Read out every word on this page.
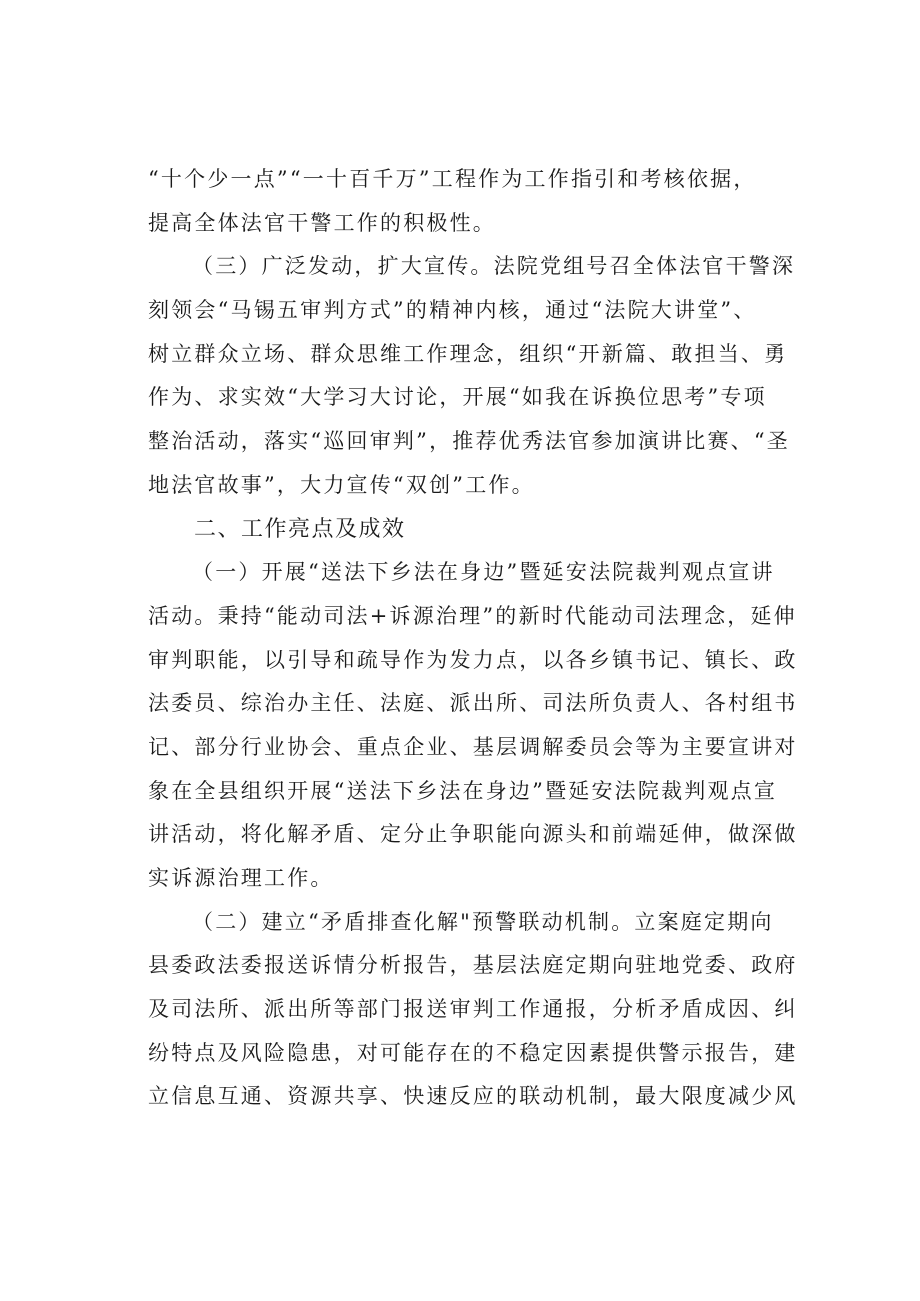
“十个少一点”“一十百千万”工程作为工作指引和考核依据，
提高全体法官干警工作的积极性。
（三）广泛发动，扩大宣传。法院党组号召全体法官干警深
刻领会“马锡五审判方式”的精神内核，通过“法院大讲堂”、
树立群众立场、群众思维工作理念，组织“开新篇、敢担当、勇
作为、求实效“大学习大讨论，开展“如我在诉换位思考”专项
整治活动，落实“巡回审判”，推荐优秀法官参加演讲比赛、“圣
地法官故事”，大力宣传“双创”工作。
二、工作亮点及成效
（一）开展“送法下乡法在身边”暨延安法院裁判观点宣讲
活动。秉持“能动司法+诉源治理”的新时代能动司法理念，延伸
审判职能，以引导和疏导作为发力点，以各乡镇书记、镇长、政
法委员、综治办主任、法庭、派出所、司法所负责人、各村组书
记、部分行业协会、重点企业、基层调解委员会等为主要宣讲对
象在全县组织开展“送法下乡法在身边”暨延安法院裁判观点宣
讲活动，将化解矛盾、定分止争职能向源头和前端延伸，做深做
实诉源治理工作。
（二）建立“矛盾排查化解"预警联动机制。立案庭定期向
县委政法委报送诉情分析报告，基层法庭定期向驻地党委、政府
及司法所、派出所等部门报送审判工作通报，分析矛盾成因、纠
纷特点及风险隐患，对可能存在的不稳定因素提供警示报告，建
立信息互通、资源共享、快速反应的联动机制，最大限度减少风
